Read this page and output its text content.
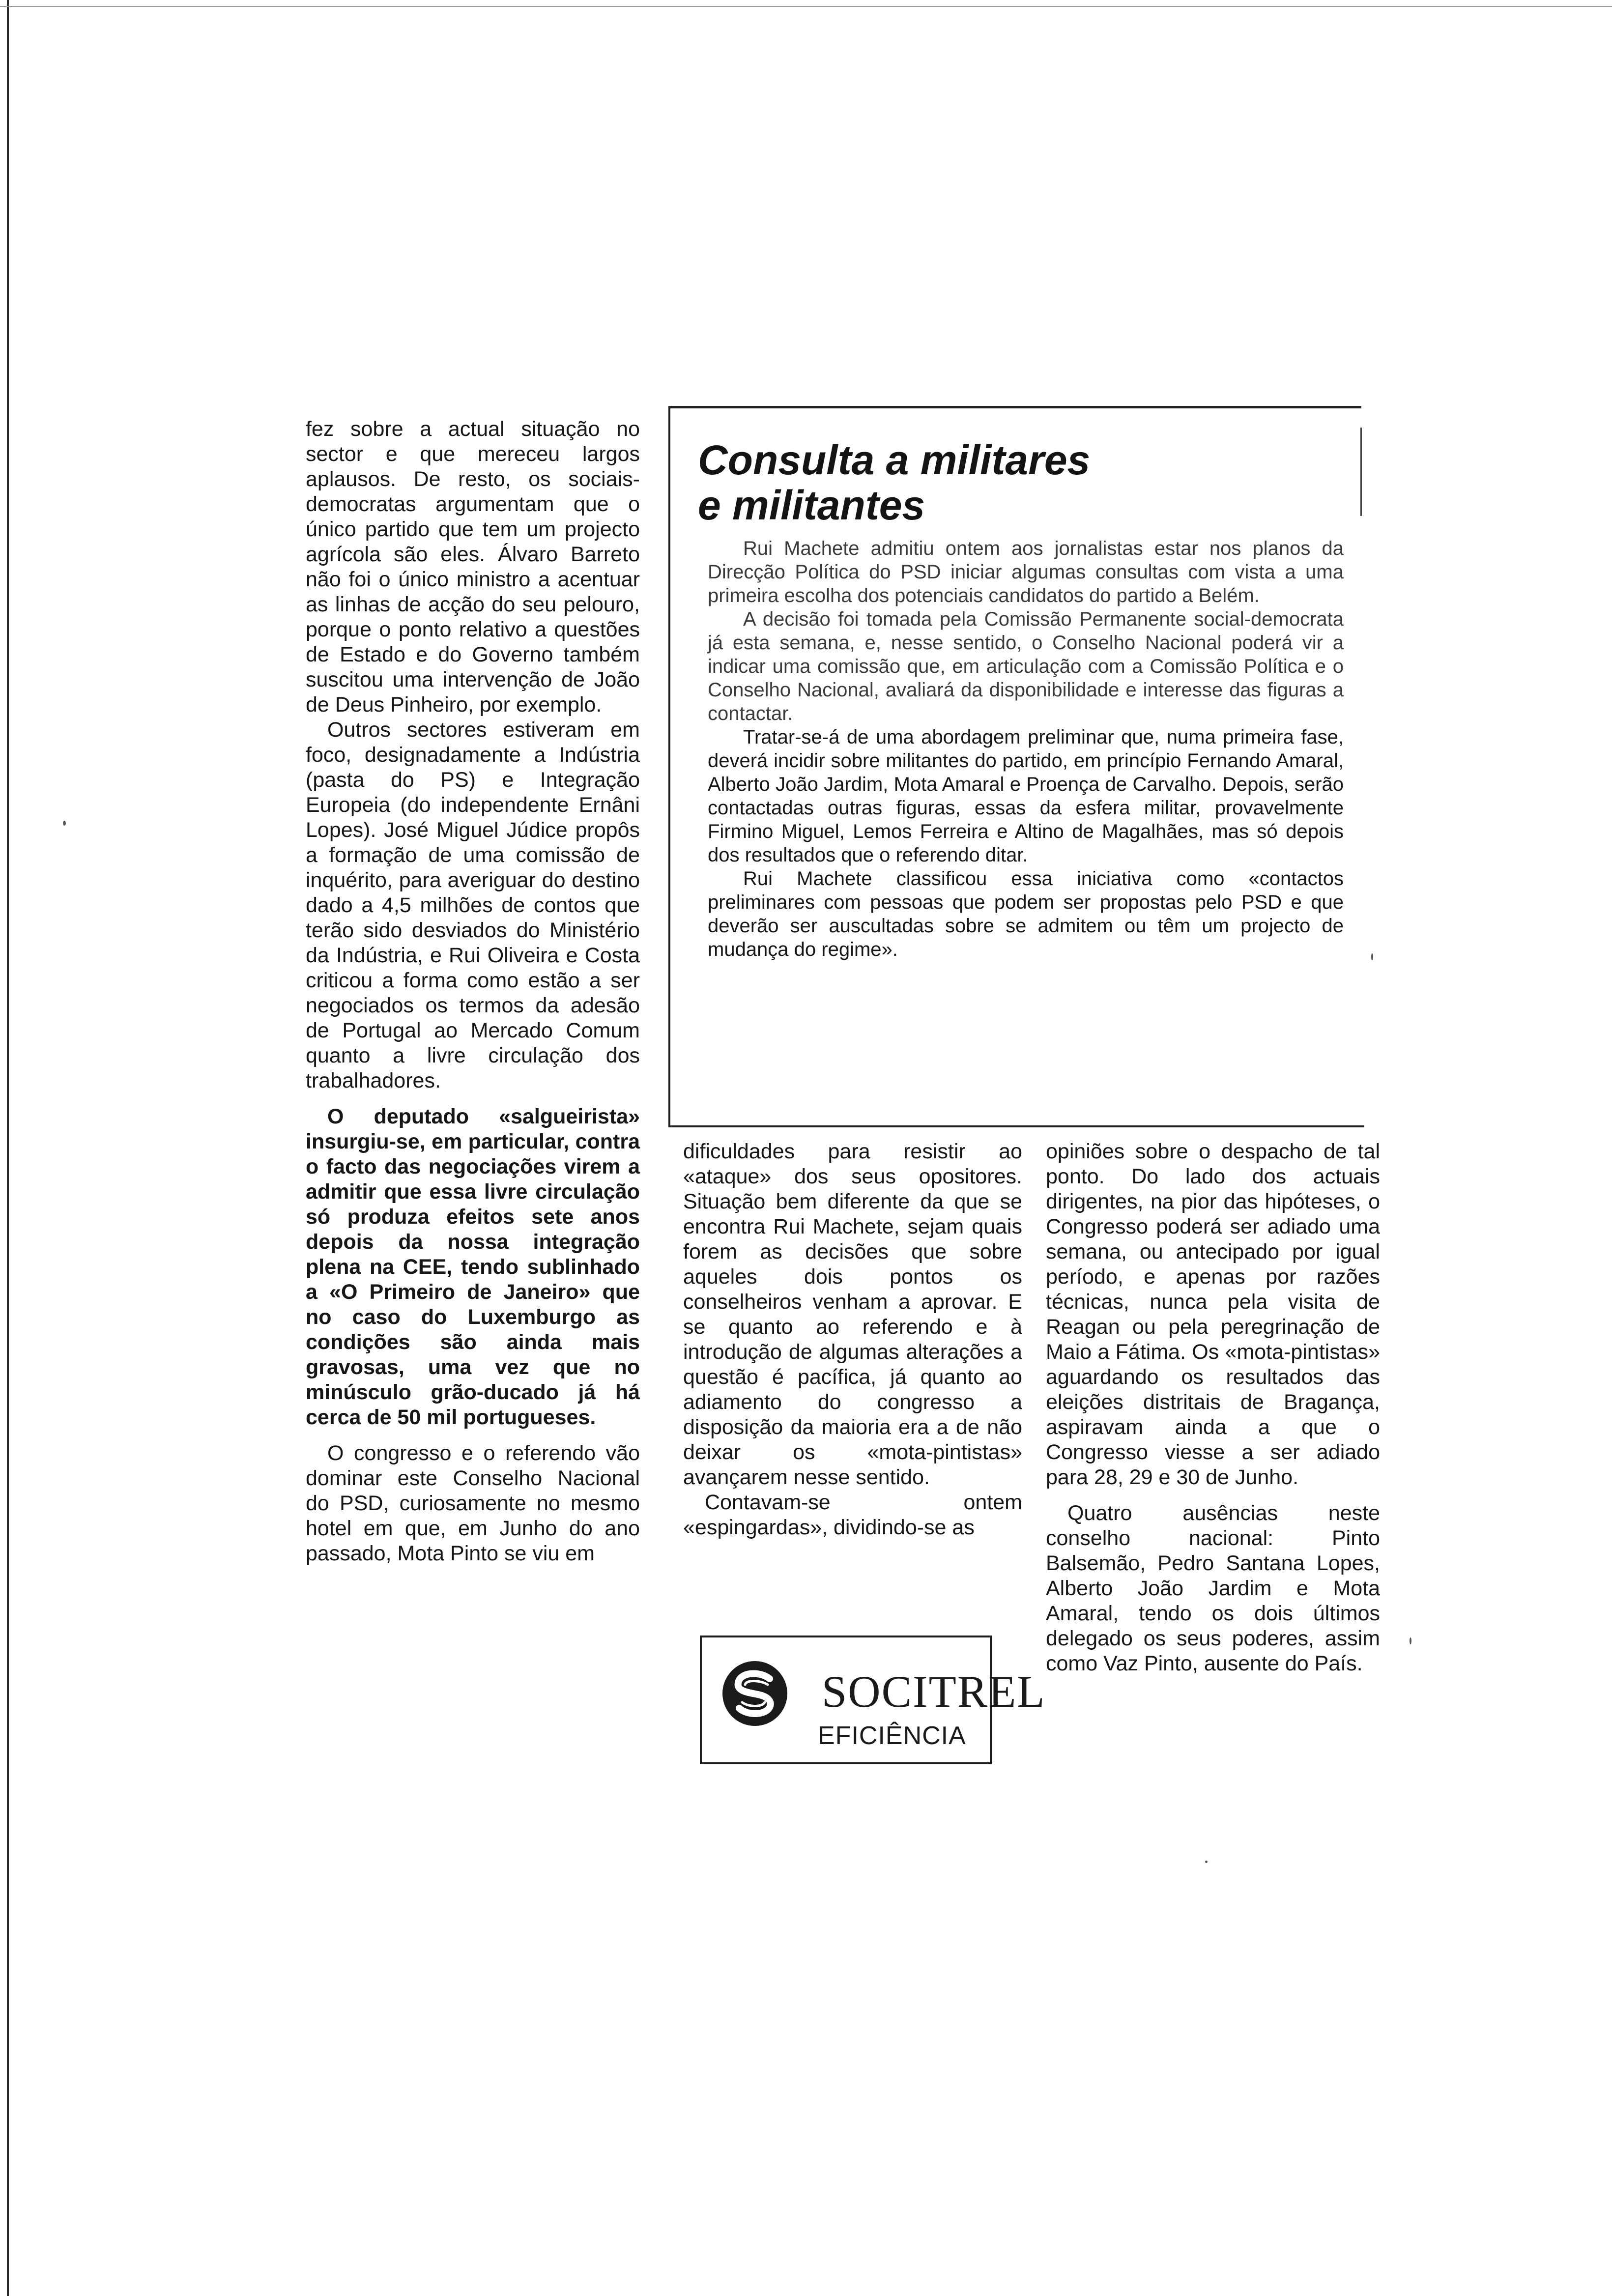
fez sobre a actual situação no sector e que mereceu largos aplausos. De resto, os sociais-democratas argumentam que o único partido que tem um projecto agrícola são eles. Álvaro Barreto não foi o único ministro a acentuar as linhas de acção do seu pelouro, porque o ponto relativo a questões de Estado e do Governo também suscitou uma intervenção de João de Deus Pinheiro, por exemplo.

Outros sectores estiveram em foco, designadamente a Indústria (pasta do PS) e Integração Europeia (do independente Ernâni Lopes). José Miguel Júdice propôs a formação de uma comissão de inquérito, para averiguar do destino dado a 4,5 milhões de contos que terão sido desviados do Ministério da Indústria, e Rui Oliveira e Costa criticou a forma como estão a ser negociados os termos da adesão de Portugal ao Mercado Comum quanto a livre circulação dos trabalhadores.

O deputado «salgueirista» insurgiu-se, em particular, contra o facto das negociações virem a admitir que essa livre circulação só produza efeitos sete anos depois da nossa integração plena na CEE, tendo sublinhado a «O Primeiro de Janeiro» que no caso do Luxemburgo as condições são ainda mais gravosas, uma vez que no minúsculo grão-ducado já há cerca de 50 mil portugueses.

O congresso e o referendo vão dominar este Conselho Nacional do PSD, curiosamente no mesmo hotel em que, em Junho do ano passado, Mota Pinto se viu em

Consulta a militares
e militantes

Rui Machete admitiu ontem aos jornalistas estar nos planos da Direcção Política do PSD iniciar algumas consultas com vista a uma primeira escolha dos potenciais candidatos do partido a Belém.

A decisão foi tomada pela Comissão Permanente social-democrata já esta semana, e, nesse sentido, o Conselho Nacional poderá vir a indicar uma comissão que, em articulação com a Comissão Política e o Conselho Nacional, avaliará da disponibilidade e interesse das figuras a contactar.

Tratar-se-á de uma abordagem preliminar que, numa primeira fase, deverá incidir sobre militantes do partido, em princípio Fernando Amaral, Alberto João Jardim, Mota Amaral e Proença de Carvalho. Depois, serão contactadas outras figuras, essas da esfera militar, provavelmente Firmino Miguel, Lemos Ferreira e Altino de Magalhães, mas só depois dos resultados que o referendo ditar.

Rui Machete classificou essa iniciativa como «contactos preliminares com pessoas que podem ser propostas pelo PSD e que deverão ser auscultadas sobre se admitem ou têm um projecto de mudança do regime».

dificuldades para resistir ao «ataque» dos seus opositores. Situação bem diferente da que se encontra Rui Machete, sejam quais forem as decisões que sobre aqueles dois pontos os conselheiros venham a aprovar. E se quanto ao referendo e à introdução de algumas alterações a questão é pacífica, já quanto ao adiamento do congresso a disposição da maioria era a de não deixar os «mota-pintistas» avançarem nesse sentido.

Contavam-se ontem «espingardas», dividindo-se as

opiniões sobre o despacho de tal ponto. Do lado dos actuais dirigentes, na pior das hipóteses, o Congresso poderá ser adiado uma semana, ou antecipado por igual período, e apenas por razões técnicas, nunca pela visita de Reagan ou pela peregrinação de Maio a Fátima. Os «mota-pintistas» aguardando os resultados das eleições distritais de Bragança, aspiravam ainda a que o Congresso viesse a ser adiado para 28, 29 e 30 de Junho.

Quatro ausências neste conselho nacional: Pinto Balsemão, Pedro Santana Lopes, Alberto João Jardim e Mota Amaral, tendo os dois últimos delegado os seus poderes, assim como Vaz Pinto, ausente do País.

SOCITREL
EFICIÊNCIA
